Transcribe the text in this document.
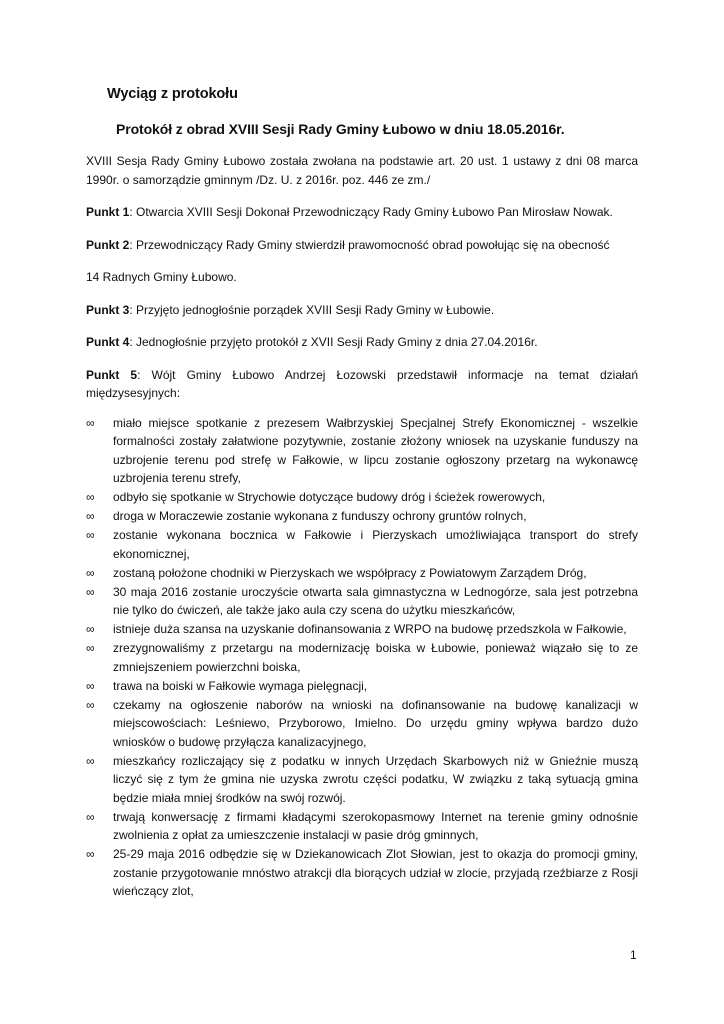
Wyciąg z protokołu
Protokół z obrad XVIII Sesji Rady Gminy Łubowo w dniu 18.05.2016r.

XVIII Sesja Rady Gminy Łubowo została zwołana na podstawie art. 20 ust. 1 ustawy z dni 08 marca 1990r. o samorządzie gminnym /Dz. U. z 2016r. poz. 446 ze zm./

Punkt 1: Otwarcia XVIII Sesji Dokonał Przewodniczący Rady Gminy Łubowo Pan Mirosław Nowak.

Punkt 2: Przewodniczący Rady Gminy stwierdził prawomocność obrad powołując się na obecność

14 Radnych Gminy Łubowo.

Punkt 3: Przyjęto jednogłośnie porządek XVIII Sesji Rady Gminy w Łubowie.

Punkt 4: Jednogłośnie przyjęto protokół z XVII Sesji Rady Gminy z dnia 27.04.2016r.

Punkt 5: Wójt Gminy Łubowo Andrzej Łozowski przedstawił informacje na temat działań międzysesyjnych:

∞	miało miejsce spotkanie z prezesem Wałbrzyskiej Specjalnej Strefy Ekonomicznej - wszelkie formalności zostały załatwione pozytywnie, zostanie złożony wniosek na uzyskanie funduszy na uzbrojenie terenu pod strefę w Fałkowie, w lipcu zostanie ogłoszony przetarg na wykonawcę uzbrojenia terenu strefy,
∞	odbyło się spotkanie w Strychowie dotyczące budowy dróg i ścieżek rowerowych,
∞	droga w Moraczewie zostanie wykonana z funduszy ochrony gruntów rolnych,
∞	zostanie wykonana bocznica w Fałkowie i Pierzyskach umożliwiająca transport do strefy ekonomicznej,
∞	zostaną położone chodniki w Pierzyskach we współpracy z Powiatowym Zarządem Dróg,
∞	30 maja 2016 zostanie uroczyście otwarta sala gimnastyczna w Lednogórze, sala jest potrzebna nie tylko do ćwiczeń, ale także jako aula czy scena do użytku mieszkańców,
∞	istnieje duża szansa na uzyskanie dofinansowania z WRPO na budowę przedszkola w Fałkowie,
∞	zrezygnowaliśmy z przetargu na modernizację boiska w Łubowie, ponieważ wiązało się to ze zmniejszeniem powierzchni boiska,
∞	trawa na boiski w Fałkowie wymaga pielęgnacji,
∞	czekamy na ogłoszenie naborów na wnioski na dofinansowanie na budowę kanalizacji w miejscowościach: Leśniewo, Przyborowo, Imielno. Do urzędu gminy wpływa bardzo dużo wniosków o budowę przyłącza kanalizacyjnego,
∞	mieszkańcy rozliczający się z podatku w innych Urzędach Skarbowych niż w Gnieźnie muszą liczyć się z tym że gmina nie uzyska zwrotu części podatku, W związku z taką sytuacją gmina będzie miała mniej środków na swój rozwój.
∞	trwają konwersację z firmami kładącymi szerokopasmowy Internet na terenie gminy odnośnie zwolnienia z opłat za umieszczenie instalacji w pasie dróg gminnych,
∞	25-29 maja 2016 odbędzie się w Dziekanowicach Zlot Słowian, jest to okazja do promocji gminy, zostanie przygotowanie mnóstwo atrakcji dla biorących udział w zlocie, przyjadą rzeźbiarze z Rosji wieńczący zlot,
1
